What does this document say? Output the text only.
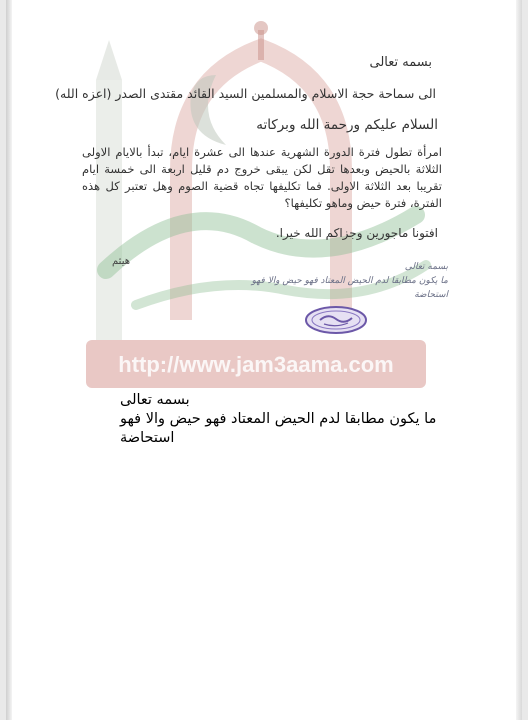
http://www.jam3aama.com
بسمه تعالى
الى سماحة حجة الاسلام والمسلمين السيد القائد مقتدى الصدر (اعزه الله)
السلام عليكم ورحمة الله وبركاته
امرأة تطول فترة الدورة الشهرية عندها الى عشرة ايام، تبدأ بالايام الاولى الثلاثة بالحيض وبعدها تقل لكن يبقى خروج دم قليل اربعة الى خمسة ايام تقريبا بعد الثلاثة الاولى. فما تكليفها تجاه قضية الصوم وهل تعتبر كل هذه الفترة، فترة حيض وماهو تكليفها؟
افتونا ماجورين وجزاكم الله خيرا.
هيثم	بسمه تعالى
ما يكون مطابقا لدم الحيض المعتاد فهو حيض والا فهو
استحاضة
بسمه تعالى
ما يكون مطابقا لدم الحيض المعتاد فهو حيض والا فهو
استحاضة
